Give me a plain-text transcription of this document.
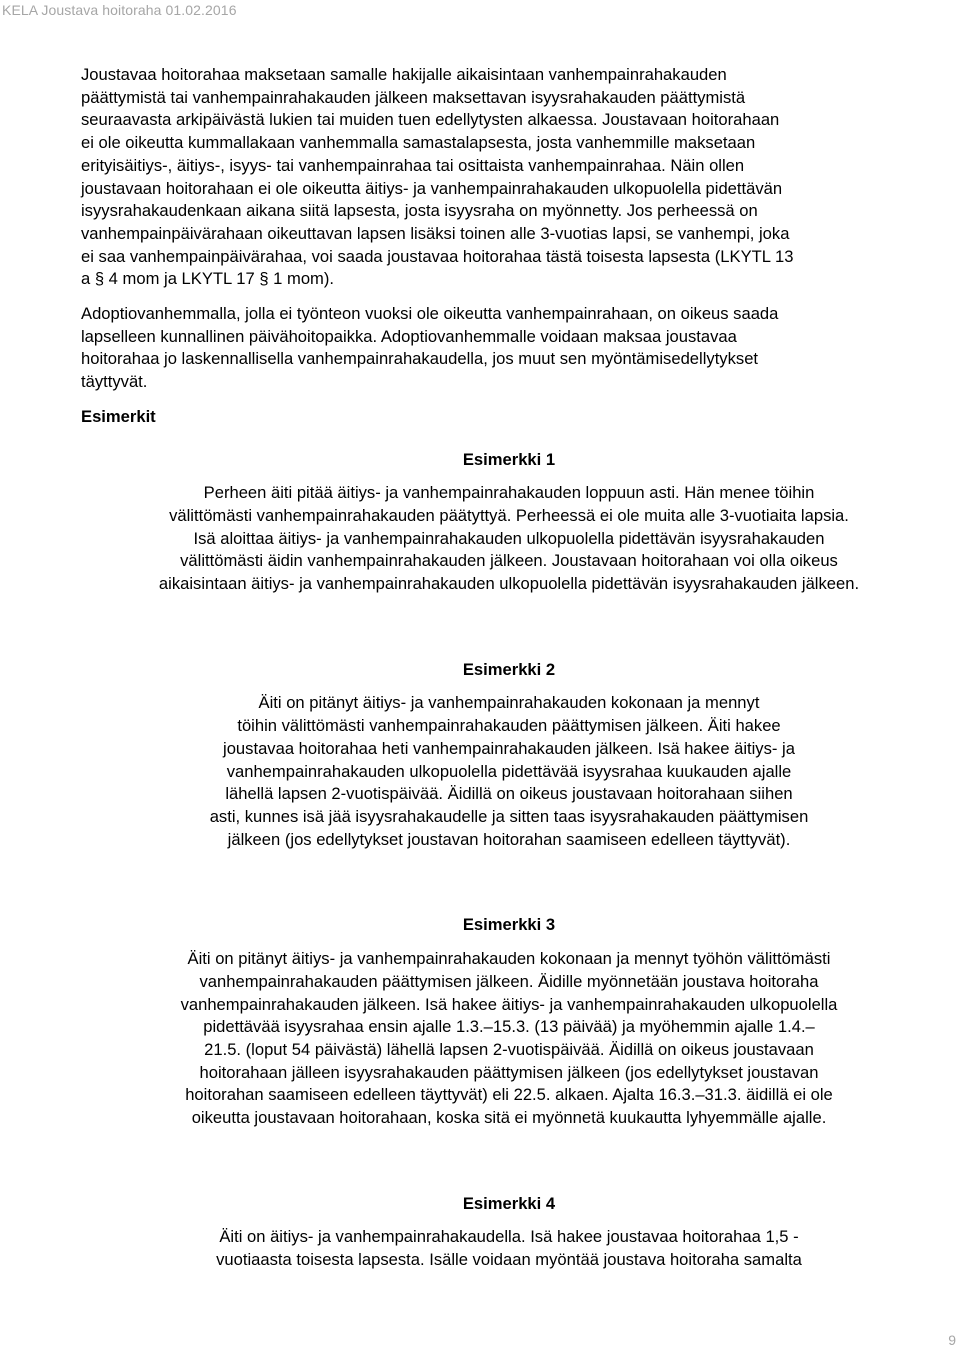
KELA Joustava hoitoraha 01.02.2016

Joustavaa hoitorahaa maksetaan samalle hakijalle aikaisintaan vanhempainrahakauden
päättymistä tai vanhempainrahakauden jälkeen maksettavan isyysrahakauden päättymistä
seuraavasta arkipäivästä lukien tai muiden tuen edellytysten alkaessa. Joustavaan hoitorahaan
ei ole oikeutta kummallakaan vanhemmalla samastalapsesta, josta vanhemmille maksetaan
erityisäitiys-, äitiys-, isyys- tai vanhempainrahaa tai osittaista vanhempainrahaa. Näin ollen
joustavaan hoitorahaan ei ole oikeutta äitiys- ja vanhempainrahakauden ulkopuolella pidettävän
isyysrahakaudenkaan aikana siitä lapsesta, josta isyysraha on myönnetty. Jos perheessä on
vanhempainpäivärahaan oikeuttavan lapsen lisäksi toinen alle 3-vuotias lapsi, se vanhempi, joka
ei saa vanhempainpäivärahaa, voi saada joustavaa hoitorahaa tästä toisesta lapsesta (LKYTL 13
a § 4 mom ja LKYTL 17 § 1 mom).

Adoptiovanhemmalla, jolla ei työnteon vuoksi ole oikeutta vanhempainrahaan, on oikeus saada
lapselleen kunnallinen päivähoitopaikka. Adoptiovanhemmalle voidaan maksaa joustavaa
hoitorahaa jo laskennallisella vanhempainrahakaudella, jos muut sen myöntämisedellytykset
täyttyvät.

Esimerkit
Esimerkki 1
Perheen äiti pitää äitiys- ja vanhempainrahakauden loppuun asti. Hän menee töihin
välittömästi vanhempainrahakauden päätyttyä. Perheessä ei ole muita alle 3-vuotiaita lapsia.
Isä aloittaa äitiys- ja vanhempainrahakauden ulkopuolella pidettävän isyysrahakauden
välittömästi äidin vanhempainrahakauden jälkeen. Joustavaan hoitorahaan voi olla oikeus
aikaisintaan äitiys- ja vanhempainrahakauden ulkopuolella pidettävän isyysrahakauden jälkeen.
Esimerkki 2
Äiti on pitänyt äitiys- ja vanhempainrahakauden kokonaan ja mennyt
töihin välittömästi vanhempainrahakauden päättymisen jälkeen. Äiti hakee
joustavaa hoitorahaa heti vanhempainrahakauden jälkeen. Isä hakee äitiys- ja
vanhempainrahakauden ulkopuolella pidettävää isyysrahaa kuukauden ajalle
lähellä lapsen 2-vuotispäivää. Äidillä on oikeus joustavaan hoitorahaan siihen
asti, kunnes isä jää isyysrahakaudelle ja sitten taas isyysrahakauden päättymisen
jälkeen (jos edellytykset joustavan hoitorahan saamiseen edelleen täyttyvät).
Esimerkki 3
Äiti on pitänyt äitiys- ja vanhempainrahakauden kokonaan ja mennyt työhön välittömästi
vanhempainrahakauden päättymisen jälkeen. Äidille myönnetään joustava hoitoraha
vanhempainrahakauden jälkeen. Isä hakee äitiys- ja vanhempainrahakauden ulkopuolella
pidettävää isyysrahaa ensin ajalle 1.3.–15.3. (13 päivää) ja myöhemmin ajalle 1.4.–
21.5. (loput 54 päivästä) lähellä lapsen 2-vuotispäivää. Äidillä on oikeus joustavaan
hoitorahaan jälleen isyysrahakauden päättymisen jälkeen (jos edellytykset joustavan
hoitorahan saamiseen edelleen täyttyvät) eli 22.5. alkaen. Ajalta 16.3.–31.3. äidillä ei ole
oikeutta joustavaan hoitorahaan, koska sitä ei myönnetä kuukautta lyhyemmälle ajalle.
Esimerkki 4
Äiti on äitiys- ja vanhempainrahakaudella. Isä hakee joustavaa hoitorahaa 1,5 -
vuotiaasta toisesta lapsesta. Isälle voidaan myöntää joustava hoitoraha samalta
9
